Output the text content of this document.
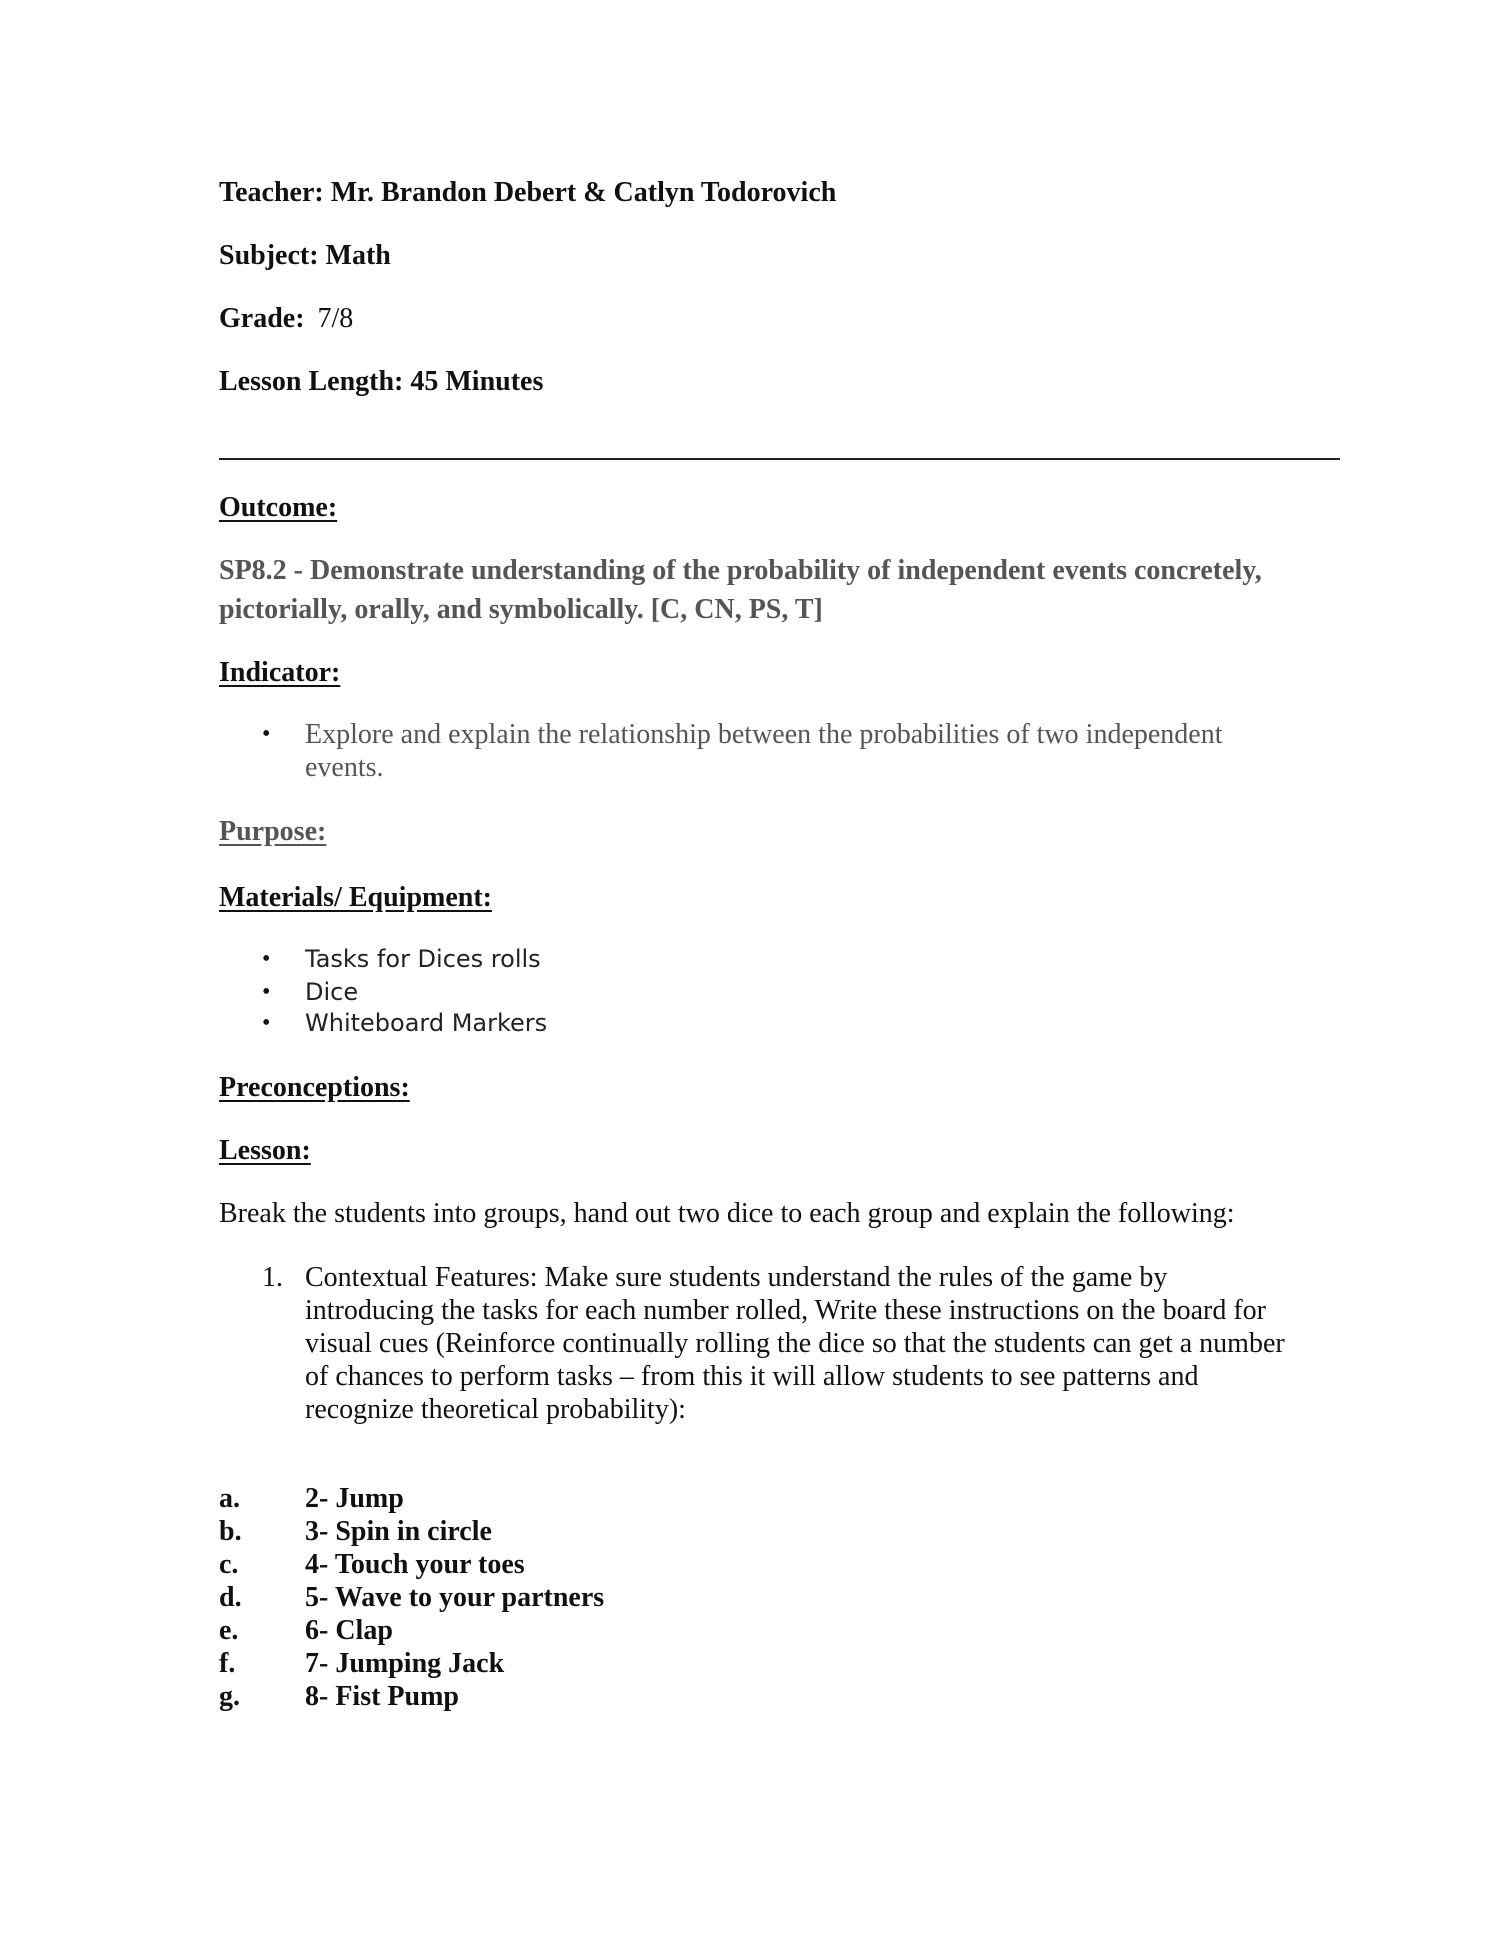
Teacher: Mr. Brandon Debert & Catlyn Todorovich
Subject: Math
Grade: 7/8
Lesson Length: 45 Minutes
Outcome:
SP8.2 - Demonstrate understanding of the probability of independent events concretely,
pictorially, orally, and symbolically. [C, CN, PS, T]
Indicator:
• Explore and explain the relationship between the probabilities of two independent
events.
Purpose:
Materials/ Equipment:
• Tasks for Dices rolls
• Dice
• Whiteboard Markers
Preconceptions:
Lesson:
Break the students into groups, hand out two dice to each group and explain the following:
1. Contextual Features: Make sure students understand the rules of the game by
introducing the tasks for each number rolled, Write these instructions on the board for
visual cues (Reinforce continually rolling the dice so that the students can get a number
of chances to perform tasks – from this it will allow students to see patterns and
recognize theoretical probability):
a. 2- Jump
b. 3- Spin in circle
c. 4- Touch your toes
d. 5- Wave to your partners
e. 6- Clap
f. 7- Jumping Jack
g. 8- Fist Pump
